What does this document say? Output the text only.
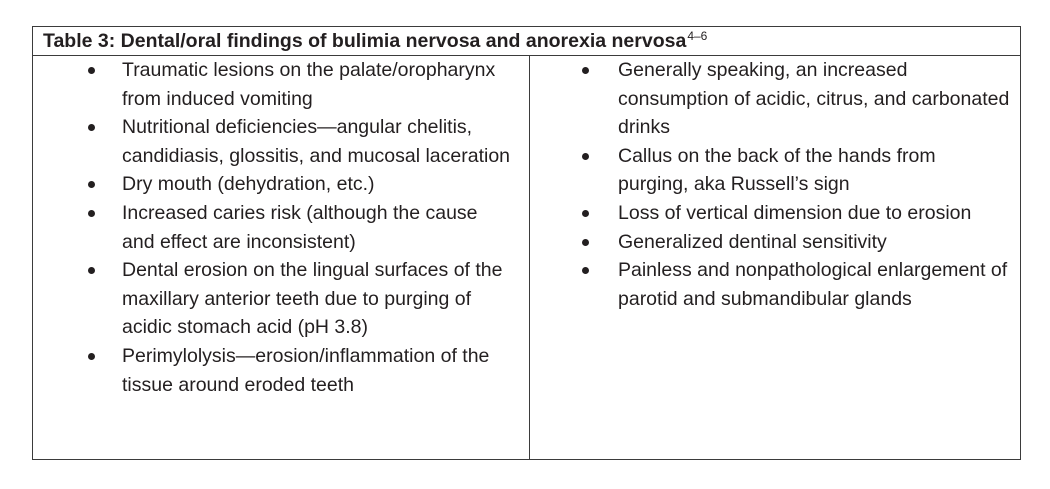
Table 3: Dental/oral findings of bulimia nervosa and anorexia nervosa$^{4-6}$
Traumatic lesions on the palate/oropharynx from induced vomiting
Nutritional deficiencies—angular chelitis, candidiasis, glossitis, and mucosal laceration
Dry mouth (dehydration, etc.)
Increased caries risk (although the cause and effect are inconsistent)
Dental erosion on the lingual surfaces of the maxillary anterior teeth due to purging of acidic stomach acid (pH 3.8)
Perimylolysis—erosion/inflammation of the tissue around eroded teeth
Generally speaking, an increased consumption of acidic, citrus, and carbonated drinks
Callus on the back of the hands from purging, aka Russell’s sign
Loss of vertical dimension due to erosion
Generalized dentinal sensitivity
Painless and nonpathological enlargement of parotid and submandibular glands
